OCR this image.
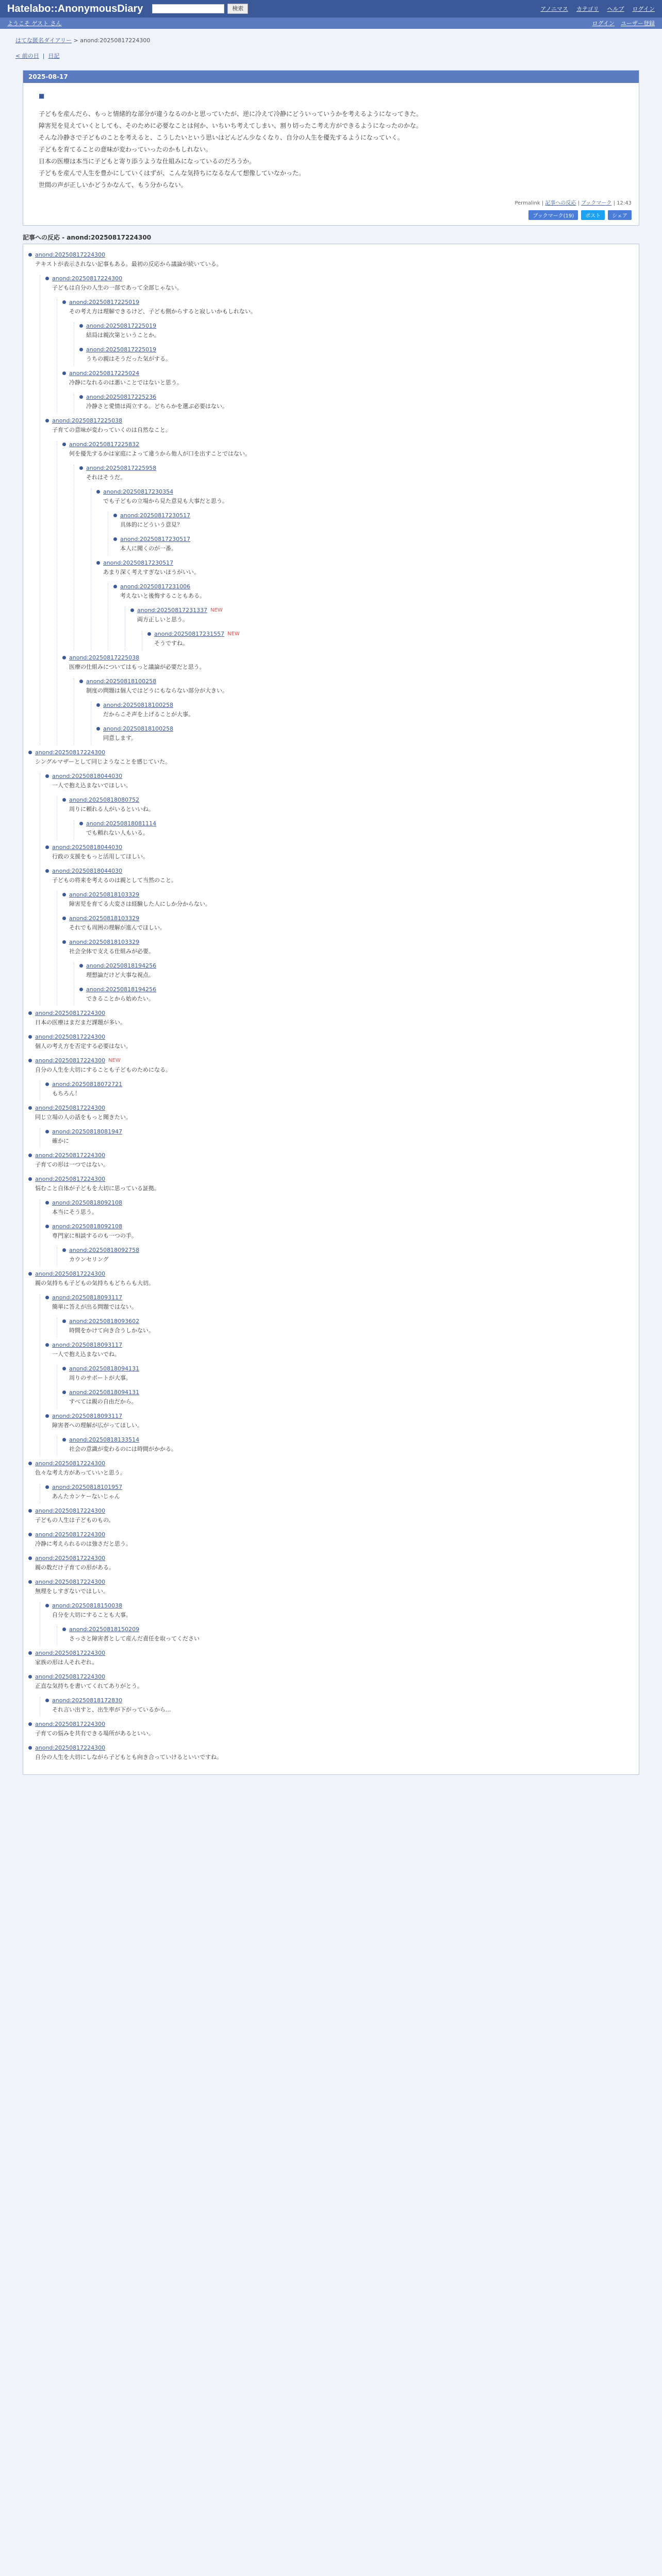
Hatelabo::AnonymousDiary	検索	アノニマス カテゴリ ヘルプ ログイン
ようこそ ゲスト さん	ログイン ユーザー登録
はてな匿名ダイアリー > anond:20250817224300
< 前の日  |  日記
2025-08-17
■

子どもを産んだら、もっと情緒的な部分が違うなるのかと思っていたが、逆に冷えて冷静にどういっていうかを考えるようになってきた。

障害児を見えていくとしても、そのために必要なことは何か、いちいち考えてしまい、割り切ったこ考え方ができるようになったのかな。

そんな冷静さで子どものことを考えると、こうしたいという思いはどんどん少なくなり、自分の人生を優先するようになっていく。

子どもを育てることの意味が変わっていったのかもしれない。

日本の医療は本当に子どもと寄り添うような仕組みになっているのだろうか。

子どもを産んで人生を豊かにしていくはずが、こんな気持ちになるなんて想像していなかった。

世間の声が正しいかどうかなんて、もう分からない。

Permalink | 記事への反応 | ブックマーク | 12:43
ブックマーク(19)	ポスト	シェア
記事への反応 - anond:20250817224300
anond:20250817224300
テキストが表示されない記事もある。最初の反応から議論が続いている。
anond:20250817224300
子どもは自分の人生の一部であって全部じゃない。
anond:20250817225019
その考え方は理解できるけど、子ども側からすると寂しいかもしれない。
anond:20250817225019
結局は親次第ということか。
anond:20250817225019
うちの親はそうだった気がする。
anond:20250817225024
冷静になれるのは悪いことではないと思う。
anond:20250817225236
冷静さと愛情は両立する。どちらかを選ぶ必要はない。
anond:20250817225038
子育ての意味が変わっていくのは自然なこと。
anond:20250817225832
何を優先するかは家庭によって違うから他人が口を出すことではない。
anond:20250817225958
それはそうだ。
anond:20250817230354
でも子どもの立場から見た意見も大事だと思う。
anond:20250817230517
具体的にどういう意見？
anond:20250817230517
本人に聞くのが一番。
anond:20250817230517
あまり深く考えすぎないほうがいい。
anond:20250817231006
考えないと後悔することもある。
anond:20250817231337 NEW
両方正しいと思う。
anond:20250817231557 NEW
そうですね。
anond:20250817225038
医療の仕組みについてはもっと議論が必要だと思う。
anond:20250818100258
制度の問題は個人ではどうにもならない部分が大きい。
anond:20250818100258
だからこそ声を上げることが大事。
anond:20250818100258
同意します。
anond:20250817224300
シングルマザーとして同じようなことを感じていた。
anond:20250818044030
一人で抱え込まないでほしい。
anond:20250818080752
周りに頼れる人がいるといいね。
anond:20250818081114
でも頼れない人もいる。
anond:20250818044030
行政の支援をもっと活用してほしい。
anond:20250818044030
子どもの将来を考えるのは親として当然のこと。
anond:20250818103329
障害児を育てる大変さは経験した人にしか分からない。
anond:20250818103329
それでも周囲の理解が進んでほしい。
anond:20250818103329
社会全体で支える仕組みが必要。
anond:20250818194256
理想論だけど大事な視点。
anond:20250818194256
できることから始めたい。
anond:20250817224300
日本の医療はまだまだ課題が多い。
anond:20250817224300
個人の考え方を否定する必要はない。
anond:20250817224300 NEW
自分の人生を大切にすることも子どものためになる。
anond:20250818072721
もちろん！
anond:20250817224300
同じ立場の人の話をもっと聞きたい。
anond:20250818081947
確かに
anond:20250817224300
子育ての形は一つではない。
anond:20250817224300
悩むこと自体が子どもを大切に思っている証拠。
anond:20250818092108
本当にそう思う。
anond:20250818092108
専門家に相談するのも一つの手。
anond:20250818092758
カウンセリング
anond:20250817224300
親の気持ちも子どもの気持ちもどちらも大切。
anond:20250818093117
簡単に答えが出る問題ではない。
anond:20250818093602
時間をかけて向き合うしかない。
anond:20250818093117
一人で抱え込まないでね。
anond:20250818094131
周りのサポートが大事。
anond:20250818094131
すべては親の自由だから。
anond:20250818093117
障害者への理解が広がってほしい。
anond:20250818133514
社会の意識が変わるのには時間がかかる。
anond:20250817224300
色々な考え方があっていいと思う。
anond:20250818101957
あんたカンケーないじゃん
anond:20250817224300
子どもの人生は子どものもの。
anond:20250817224300
冷静に考えられるのは強さだと思う。
anond:20250817224300
親の数だけ子育ての形がある。
anond:20250817224300
無理をしすぎないでほしい。
anond:20250818150038
自分を大切にすることも大事。
anond:20250818150209
さっさと障害者として産んだ責任を取ってください
anond:20250817224300
家族の形は人それぞれ。
anond:20250817224300
正直な気持ちを書いてくれてありがとう。
anond:20250818172830
それ言い出すと、出生率が下がっているから...
anond:20250817224300
子育ての悩みを共有できる場所があるといい。
anond:20250817224300
自分の人生を大切にしながら子どもとも向き合っていけるといいですね。
